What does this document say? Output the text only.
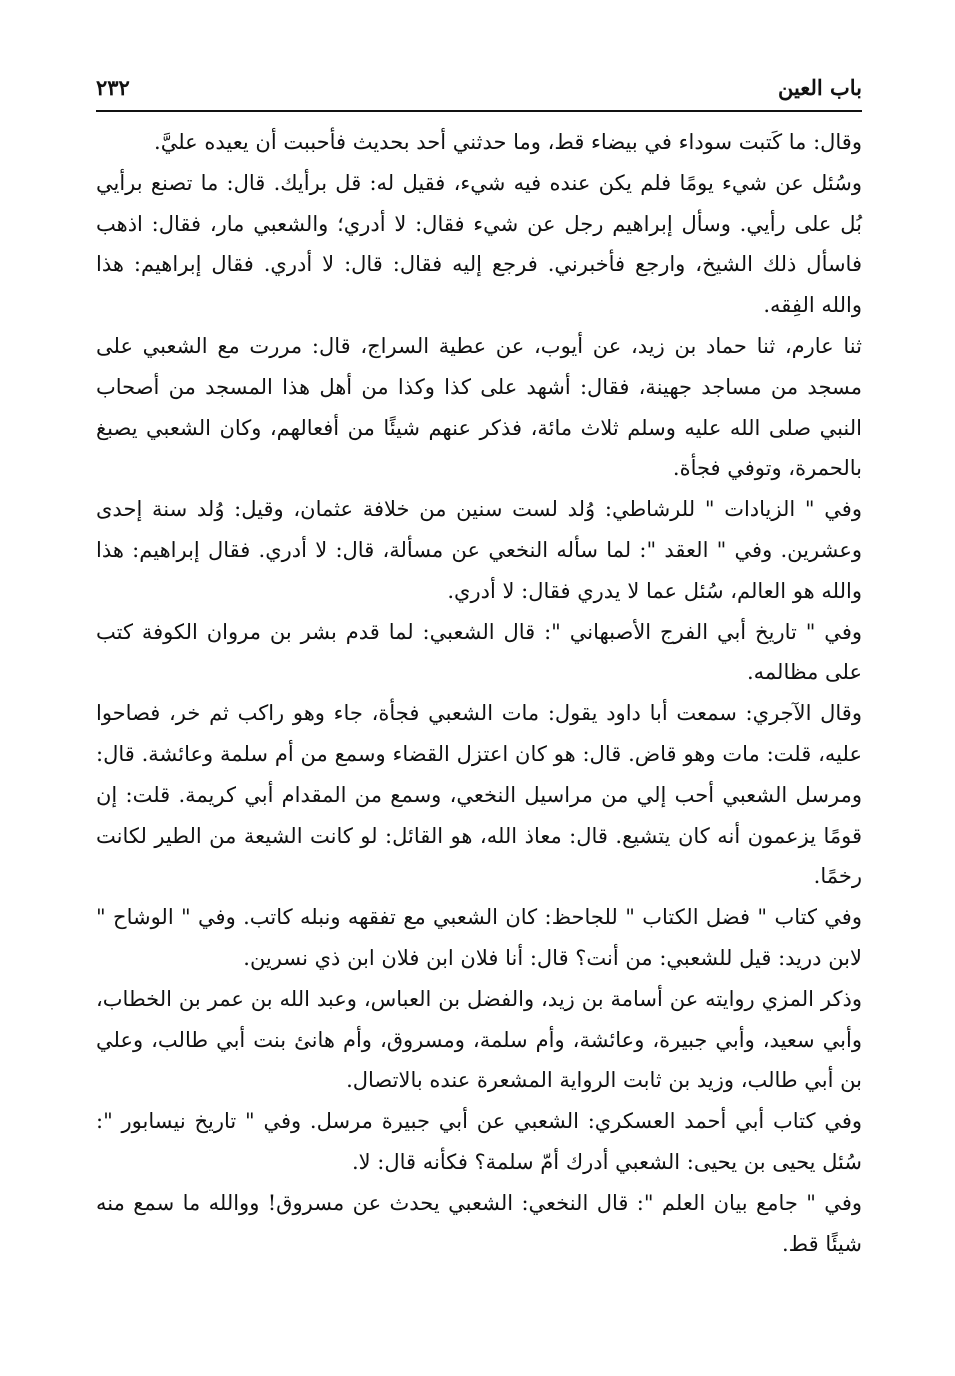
باب العين
٢٣٢

وقال: ما كَتبت سوداء في بيضاء قط، وما حدثني أحد بحديث فأحببت أن يعيده عليَّ.

وسُئل عن شيء يومًا فلم يكن عنده فيه شيء، فقيل له: قل برأيك. قال: ما تصنع برأيي بُل على رأيي. وسأل إبراهيم رجل عن شيء فقال: لا أدري؛ والشعبي مار، فقال: اذهب فاسأل ذلك الشيخ، وارجع فأخبرني. فرجع إليه فقال: قال: لا أدري. فقال إبراهيم: هذا والله الفِقه.

ثنا عارم، ثنا حماد بن زيد، عن أيوب، عن عطية السراج، قال: مررت مع الشعبي على مسجد من مساجد جهينة، فقال: أشهد على كذا وكذا من أهل هذا المسجد من أصحاب النبي صلى الله عليه وسلم ثلاث مائة، فذكر عنهم شيئًا من أفعالهم، وكان الشعبي يصبغ بالحمرة، وتوفي فجأة.

وفي " الزيادات " للرشاطي: وُلد لست سنين من خلافة عثمان، وقيل: وُلد سنة إحدى وعشرين. وفي " العقد ": لما سأله النخعي عن مسألة، قال: لا أدري. فقال إبراهيم: هذا والله هو العالم، سُئل عما لا يدري فقال: لا أدري.

وفي " تاريخ أبي الفرج الأصبهاني ": قال الشعبي: لما قدم بشر بن مروان الكوفة كتب على مظالمه.

وقال الآجري: سمعت أبا داود يقول: مات الشعبي فجأة، جاء وهو راكب ثم خر، فصاحوا عليه، قلت: مات وهو قاض. قال: هو كان اعتزل القضاء وسمع من أم سلمة وعائشة. قال: ومرسل الشعبي أحب إلي من مراسيل النخعي، وسمع من المقدام أبي كريمة. قلت: إن قومًا يزعمون أنه كان يتشيع. قال: معاذ الله، هو القائل: لو كانت الشيعة من الطير لكانت رخمًا.

وفي كتاب " فضل الكتاب " للجاحظ: كان الشعبي مع تفقهه ونبله كاتب. وفي " الوشاح " لابن دريد: قيل للشعبي: من أنت؟ قال: أنا فلان ابن فلان ابن ذي نسرين.

وذكر المزي روايته عن أسامة بن زيد، والفضل بن العباس، وعبد الله بن عمر بن الخطاب، وأبي سعيد، وأبي جبيرة، وعائشة، وأم سلمة، ومسروق، وأم هانئ بنت أبي طالب، وعلي بن أبي طالب، وزيد بن ثابت الرواية المشعرة عنده بالاتصال.

وفي كتاب أبي أحمد العسكري: الشعبي عن أبي جبيرة مرسل. وفي " تاريخ نيسابور ": سُئل يحيى بن يحيى: الشعبي أدرك أمّ سلمة؟ فكأنه قال: لا.

وفي " جامع بيان العلم ": قال النخعي: الشعبي يحدث عن مسروق! ووالله ما سمع منه شيئًا قط.
